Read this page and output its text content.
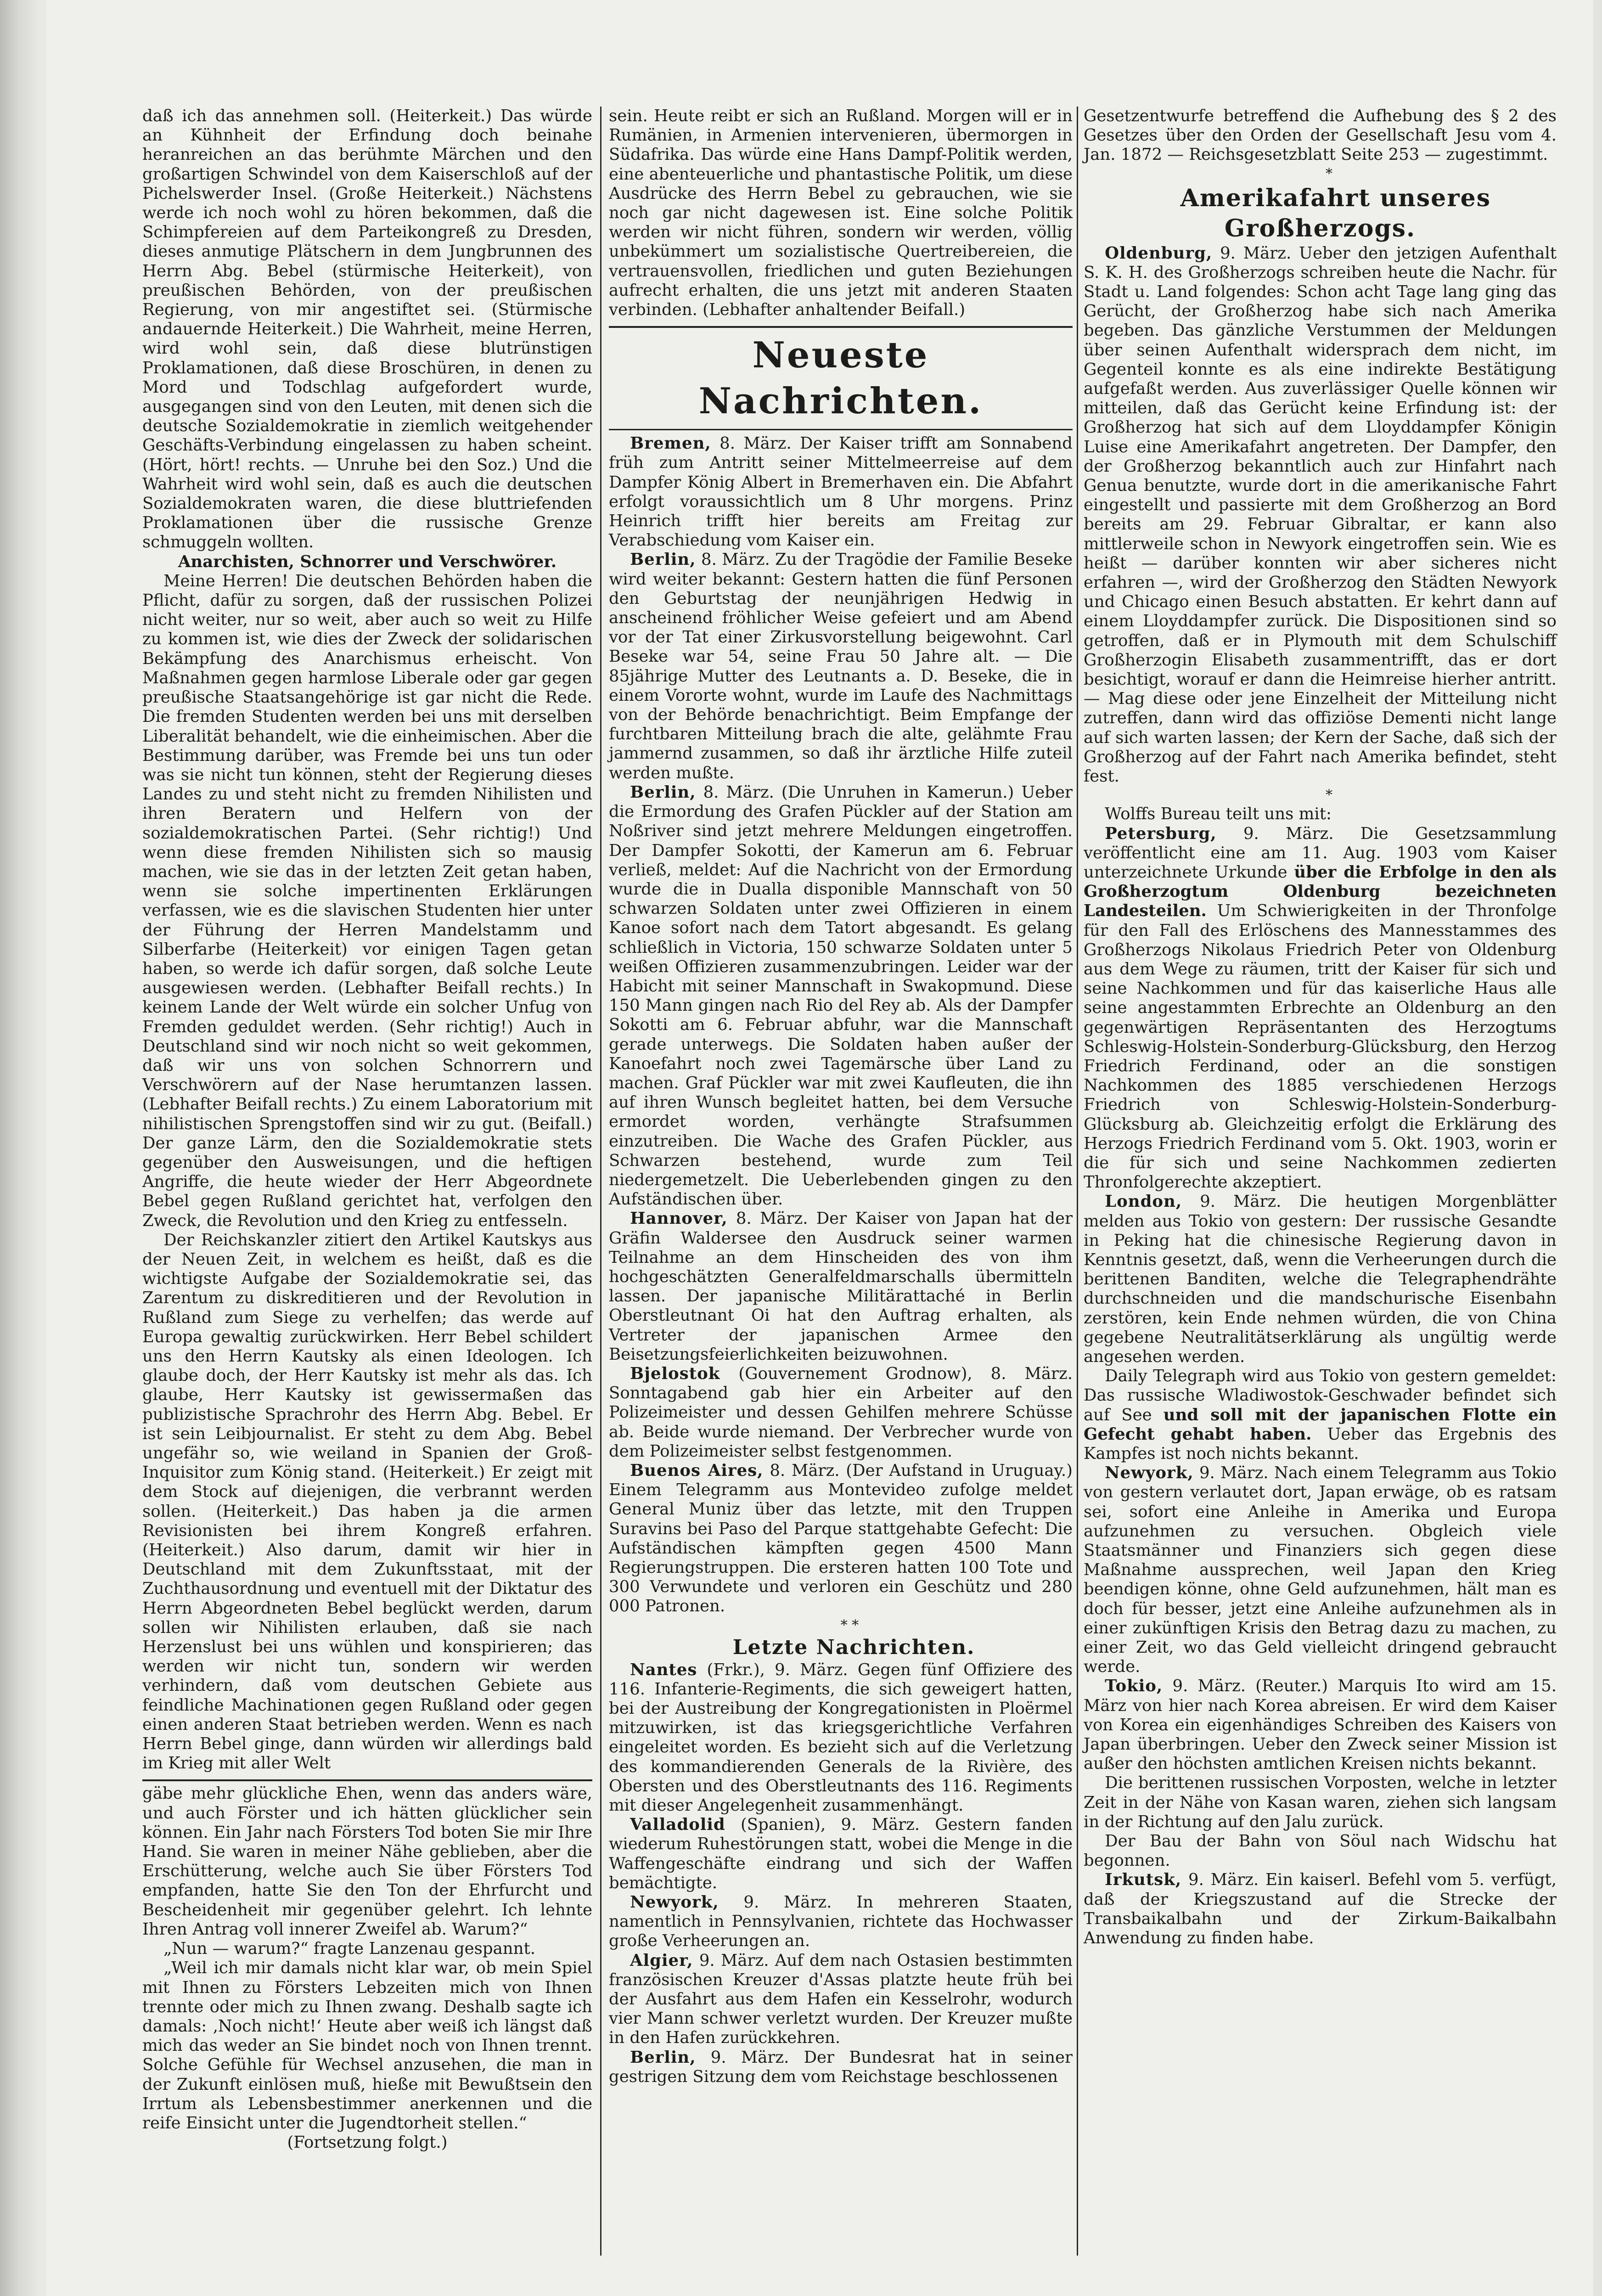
daß ich das annehmen soll. (Heiterkeit.) Das würde an Kühnheit der Erfindung doch beinahe heranreichen an das berühmte Märchen und den großartigen Schwindel von dem Kaiserschloß auf der Pichelswerder Insel. (Große Heiterkeit.) Nächstens werde ich noch wohl zu hören bekommen, daß die Schimpfereien auf dem Parteikongreß zu Dresden, dieses anmutige Plätschern in dem Jungbrunnen des Herrn Abg. Bebel (stürmische Heiterkeit), von preußischen Behörden, von der preußischen Regierung, von mir angestiftet sei. (Stürmische andauernde Heiterkeit.) Die Wahrheit, meine Herren, wird wohl sein, daß diese blutrünstigen Proklamationen, daß diese Broschüren, in denen zu Mord und Todschlag aufgefordert wurde, ausgegangen sind von den Leuten, mit denen sich die deutsche Sozialdemokratie in ziemlich weitgehender Geschäfts-Verbindung eingelassen zu haben scheint. (Hört, hört! rechts. — Unruhe bei den Soz.) Und die Wahrheit wird wohl sein, daß es auch die deutschen Sozialdemokraten waren, die diese bluttriefenden Proklamationen über die russische Grenze schmuggeln wollten.

Anarchisten, Schnorrer und Verschwörer.

Meine Herren! Die deutschen Behörden haben die Pflicht, dafür zu sorgen, daß der russischen Polizei nicht weiter, nur so weit, aber auch so weit zu Hilfe zu kommen ist, wie dies der Zweck der solidarischen Bekämpfung des Anarchismus erheischt. Von Maßnahmen gegen harmlose Liberale oder gar gegen preußische Staatsangehörige ist gar nicht die Rede. Die fremden Studenten werden bei uns mit derselben Liberalität behandelt, wie die einheimischen. Aber die Bestimmung darüber, was Fremde bei uns tun oder was sie nicht tun können, steht der Regierung dieses Landes zu und steht nicht zu fremden Nihilisten und ihren Beratern und Helfern von der sozialdemokratischen Partei. (Sehr richtig!) Und wenn diese fremden Nihilisten sich so mausig machen, wie sie das in der letzten Zeit getan haben, wenn sie solche impertinenten Erklärungen verfassen, wie es die slavischen Studenten hier unter der Führung der Herren Mandelstamm und Silberfarbe (Heiterkeit) vor einigen Tagen getan haben, so werde ich dafür sorgen, daß solche Leute ausgewiesen werden. (Lebhafter Beifall rechts.) In keinem Lande der Welt würde ein solcher Unfug von Fremden geduldet werden. (Sehr richtig!) Auch in Deutschland sind wir noch nicht so weit gekommen, daß wir uns von solchen Schnorrern und Verschwörern auf der Nase herumtanzen lassen. (Lebhafter Beifall rechts.) Zu einem Laboratorium mit nihilistischen Sprengstoffen sind wir zu gut. (Beifall.) Der ganze Lärm, den die Sozialdemokratie stets gegenüber den Ausweisungen, und die heftigen Angriffe, die heute wieder der Herr Abgeordnete Bebel gegen Rußland gerichtet hat, verfolgen den Zweck, die Revolution und den Krieg zu entfesseln.

Der Reichskanzler zitiert den Artikel Kautskys aus der Neuen Zeit, in welchem es heißt, daß es die wichtigste Aufgabe der Sozialdemokratie sei, das Zarentum zu diskreditieren und der Revolution in Rußland zum Siege zu verhelfen; das werde auf Europa gewaltig zurückwirken. Herr Bebel schildert uns den Herrn Kautsky als einen Ideologen. Ich glaube doch, der Herr Kautsky ist mehr als das. Ich glaube, Herr Kautsky ist gewissermaßen das publizistische Sprachrohr des Herrn Abg. Bebel. Er ist sein Leibjournalist. Er steht zu dem Abg. Bebel ungefähr so, wie weiland in Spanien der Groß-Inquisitor zum König stand. (Heiterkeit.) Er zeigt mit dem Stock auf diejenigen, die verbrannt werden sollen. (Heiterkeit.) Das haben ja die armen Revisionisten bei ihrem Kongreß erfahren. (Heiterkeit.) Also darum, damit wir hier in Deutschland mit dem Zukunftsstaat, mit der Zuchthausordnung und eventuell mit der Diktatur des Herrn Abgeordneten Bebel beglückt werden, darum sollen wir Nihilisten erlauben, daß sie nach Herzenslust bei uns wühlen und konspirieren; das werden wir nicht tun, sondern wir werden verhindern, daß vom deutschen Gebiete aus feindliche Machinationen gegen Rußland oder gegen einen anderen Staat betrieben werden. Wenn es nach Herrn Bebel ginge, dann würden wir allerdings bald im Krieg mit aller Welt

gäbe mehr glückliche Ehen, wenn das anders wäre, und auch Förster und ich hätten glücklicher sein können. Ein Jahr nach Försters Tod boten Sie mir Ihre Hand. Sie waren in meiner Nähe geblieben, aber die Erschütterung, welche auch Sie über Försters Tod empfanden, hatte Sie den Ton der Ehrfurcht und Bescheidenheit mir gegenüber gelehrt. Ich lehnte Ihren Antrag voll innerer Zweifel ab. Warum?“

„Nun — warum?“ fragte Lanzenau gespannt.

„Weil ich mir damals nicht klar war, ob mein Spiel mit Ihnen zu Försters Lebzeiten mich von Ihnen trennte oder mich zu Ihnen zwang. Deshalb sagte ich damals: ‚Noch nicht!‘ Heute aber weiß ich längst daß mich das weder an Sie bindet noch von Ihnen trennt. Solche Gefühle für Wechsel anzusehen, die man in der Zukunft einlösen muß, hieße mit Bewußtsein den Irrtum als Lebensbestimmer anerkennen und die reife Einsicht unter die Jugendtorheit stellen.“

(Fortsetzung folgt.)

sein. Heute reibt er sich an Rußland. Morgen will er in Rumänien, in Armenien intervenieren, übermorgen in Südafrika. Das würde eine Hans Dampf-Politik werden, eine abenteuerliche und phantastische Politik, um diese Ausdrücke des Herrn Bebel zu gebrauchen, wie sie noch gar nicht dagewesen ist. Eine solche Politik werden wir nicht führen, sondern wir werden, völlig unbekümmert um sozialistische Quertreibereien, die vertrauensvollen, friedlichen und guten Beziehungen aufrecht erhalten, die uns jetzt mit anderen Staaten verbinden. (Lebhafter anhaltender Beifall.)

Neueste Nachrichten.

Bremen, 8. März. Der Kaiser trifft am Sonnabend früh zum Antritt seiner Mittelmeerreise auf dem Dampfer König Albert in Bremerhaven ein. Die Abfahrt erfolgt voraussichtlich um 8 Uhr morgens. Prinz Heinrich trifft hier bereits am Freitag zur Verabschiedung vom Kaiser ein.

Berlin, 8. März. Zu der Tragödie der Familie Beseke wird weiter bekannt: Gestern hatten die fünf Personen den Geburtstag der neunjährigen Hedwig in anscheinend fröhlicher Weise gefeiert und am Abend vor der Tat einer Zirkusvorstellung beigewohnt. Carl Beseke war 54, seine Frau 50 Jahre alt. — Die 85jährige Mutter des Leutnants a. D. Beseke, die in einem Vororte wohnt, wurde im Laufe des Nachmittags von der Behörde benachrichtigt. Beim Empfange der furchtbaren Mitteilung brach die alte, gelähmte Frau jammernd zusammen, so daß ihr ärztliche Hilfe zuteil werden mußte.

Berlin, 8. März. (Die Unruhen in Kamerun.) Ueber die Ermordung des Grafen Pückler auf der Station am Noßriver sind jetzt mehrere Meldungen eingetroffen. Der Dampfer Sokotti, der Kamerun am 6. Februar verließ, meldet: Auf die Nachricht von der Ermordung wurde die in Dualla disponible Mannschaft von 50 schwarzen Soldaten unter zwei Offizieren in einem Kanoe sofort nach dem Tatort abgesandt. Es gelang schließlich in Victoria, 150 schwarze Soldaten unter 5 weißen Offizieren zusammenzubringen. Leider war der Habicht mit seiner Mannschaft in Swakopmund. Diese 150 Mann gingen nach Rio del Rey ab. Als der Dampfer Sokotti am 6. Februar abfuhr, war die Mannschaft gerade unterwegs. Die Soldaten haben außer der Kanoefahrt noch zwei Tagemärsche über Land zu machen. Graf Pückler war mit zwei Kaufleuten, die ihn auf ihren Wunsch begleitet hatten, bei dem Versuche ermordet worden, verhängte Strafsummen einzutreiben. Die Wache des Grafen Pückler, aus Schwarzen bestehend, wurde zum Teil niedergemetzelt. Die Ueberlebenden gingen zu den Aufständischen über.

Hannover, 8. März. Der Kaiser von Japan hat der Gräfin Waldersee den Ausdruck seiner warmen Teilnahme an dem Hinscheiden des von ihm hochgeschätzten Generalfeldmarschalls übermitteln lassen. Der japanische Militärattaché in Berlin Oberstleutnant Oi hat den Auftrag erhalten, als Vertreter der japanischen Armee den Beisetzungsfeierlichkeiten beizuwohnen.

Bjelostok (Gouvernement Grodnow), 8. März. Sonntagabend gab hier ein Arbeiter auf den Polizeimeister und dessen Gehilfen mehrere Schüsse ab. Beide wurde niemand. Der Verbrecher wurde von dem Polizeimeister selbst festgenommen.

Buenos Aires, 8. März. (Der Aufstand in Uruguay.) Einem Telegramm aus Montevideo zufolge meldet General Muniz über das letzte, mit den Truppen Suravins bei Paso del Parque stattgehabte Gefecht: Die Aufständischen kämpften gegen 4500 Mann Regierungstruppen. Die ersteren hatten 100 Tote und 300 Verwundete und verloren ein Geschütz und 280 000 Patronen.

* *

Letzte Nachrichten.

Nantes (Frkr.), 9. März. Gegen fünf Offiziere des 116. Infanterie-Regiments, die sich geweigert hatten, bei der Austreibung der Kongregationisten in Ploërmel mitzuwirken, ist das kriegsgerichtliche Verfahren eingeleitet worden. Es bezieht sich auf die Verletzung des kommandierenden Generals de la Rivière, des Obersten und des Oberstleutnants des 116. Regiments mit dieser Angelegenheit zusammenhängt.

Valladolid (Spanien), 9. März. Gestern fanden wiederum Ruhestörungen statt, wobei die Menge in die Waffengeschäfte eindrang und sich der Waffen bemächtigte.

Newyork, 9. März. In mehreren Staaten, namentlich in Pennsylvanien, richtete das Hochwasser große Verheerungen an.

Algier, 9. März. Auf dem nach Ostasien bestimmten französischen Kreuzer d'Assas platzte heute früh bei der Ausfahrt aus dem Hafen ein Kesselrohr, wodurch vier Mann schwer verletzt wurden. Der Kreuzer mußte in den Hafen zurückkehren.

Berlin, 9. März. Der Bundesrat hat in seiner gestrigen Sitzung dem vom Reichstage beschlossenen

Gesetzentwurfe betreffend die Aufhebung des § 2 des Gesetzes über den Orden der Gesellschaft Jesu vom 4. Jan. 1872 — Reichsgesetzblatt Seite 253 — zugestimmt.

*

Amerikafahrt unseres Großherzogs.

Oldenburg, 9. März. Ueber den jetzigen Aufenthalt S. K. H. des Großherzogs schreiben heute die Nachr. für Stadt u. Land folgendes: Schon acht Tage lang ging das Gerücht, der Großherzog habe sich nach Amerika begeben. Das gänzliche Verstummen der Meldungen über seinen Aufenthalt widersprach dem nicht, im Gegenteil konnte es als eine indirekte Bestätigung aufgefaßt werden. Aus zuverlässiger Quelle können wir mitteilen, daß das Gerücht keine Erfindung ist: der Großherzog hat sich auf dem Lloyddampfer Königin Luise eine Amerikafahrt angetreten. Der Dampfer, den der Großherzog bekanntlich auch zur Hinfahrt nach Genua benutzte, wurde dort in die amerikanische Fahrt eingestellt und passierte mit dem Großherzog an Bord bereits am 29. Februar Gibraltar, er kann also mittlerweile schon in Newyork eingetroffen sein. Wie es heißt — darüber konnten wir aber sicheres nicht erfahren —, wird der Großherzog den Städten Newyork und Chicago einen Besuch abstatten. Er kehrt dann auf einem Lloyddampfer zurück. Die Dispositionen sind so getroffen, daß er in Plymouth mit dem Schulschiff Großherzogin Elisabeth zusammentrifft, das er dort besichtigt, worauf er dann die Heimreise hierher antritt. — Mag diese oder jene Einzelheit der Mitteilung nicht zutreffen, dann wird das offiziöse Dementi nicht lange auf sich warten lassen; der Kern der Sache, daß sich der Großherzog auf der Fahrt nach Amerika befindet, steht fest.

*

Wolffs Bureau teilt uns mit:

Petersburg, 9. März. Die Gesetzsammlung veröffentlicht eine am 11. Aug. 1903 vom Kaiser unterzeichnete Urkunde über die Erbfolge in den als Großherzogtum Oldenburg bezeichneten Landesteilen. Um Schwierigkeiten in der Thronfolge für den Fall des Erlöschens des Mannesstammes des Großherzogs Nikolaus Friedrich Peter von Oldenburg aus dem Wege zu räumen, tritt der Kaiser für sich und seine Nachkommen und für das kaiserliche Haus alle seine angestammten Erbrechte an Oldenburg an den gegenwärtigen Repräsentanten des Herzogtums Schleswig-Holstein-Sonderburg-Glücksburg, den Herzog Friedrich Ferdinand, oder an die sonstigen Nachkommen des 1885 verschiedenen Herzogs Friedrich von Schleswig-Holstein-Sonderburg-Glücksburg ab. Gleichzeitig erfolgt die Erklärung des Herzogs Friedrich Ferdinand vom 5. Okt. 1903, worin er die für sich und seine Nachkommen zedierten Thronfolgerechte akzeptiert.

London, 9. März. Die heutigen Morgenblätter melden aus Tokio von gestern: Der russische Gesandte in Peking hat die chinesische Regierung davon in Kenntnis gesetzt, daß, wenn die Verheerungen durch die berittenen Banditen, welche die Telegraphendrähte durchschneiden und die mandschurische Eisenbahn zerstören, kein Ende nehmen würden, die von China gegebene Neutralitätserklärung als ungültig werde angesehen werden.

Daily Telegraph wird aus Tokio von gestern gemeldet: Das russische Wladiwostok-Geschwader befindet sich auf See und soll mit der japanischen Flotte ein Gefecht gehabt haben. Ueber das Ergebnis des Kampfes ist noch nichts bekannt.

Newyork, 9. März. Nach einem Telegramm aus Tokio von gestern verlautet dort, Japan erwäge, ob es ratsam sei, sofort eine Anleihe in Amerika und Europa aufzunehmen zu versuchen. Obgleich viele Staatsmänner und Finanziers sich gegen diese Maßnahme aussprechen, weil Japan den Krieg beendigen könne, ohne Geld aufzunehmen, hält man es doch für besser, jetzt eine Anleihe aufzunehmen als in einer zukünftigen Krisis den Betrag dazu zu machen, zu einer Zeit, wo das Geld vielleicht dringend gebraucht werde.

Tokio, 9. März. (Reuter.) Marquis Ito wird am 15. März von hier nach Korea abreisen. Er wird dem Kaiser von Korea ein eigenhändiges Schreiben des Kaisers von Japan überbringen. Ueber den Zweck seiner Mission ist außer den höchsten amtlichen Kreisen nichts bekannt.

Die berittenen russischen Vorposten, welche in letzter Zeit in der Nähe von Kasan waren, ziehen sich langsam in der Richtung auf den Jalu zurück.

Der Bau der Bahn von Söul nach Widschu hat begonnen.

Irkutsk, 9. März. Ein kaiserl. Befehl vom 5. verfügt, daß der Kriegszustand auf die Strecke der Transbaikalbahn und der Zirkum-Baikalbahn Anwendung zu finden habe.
